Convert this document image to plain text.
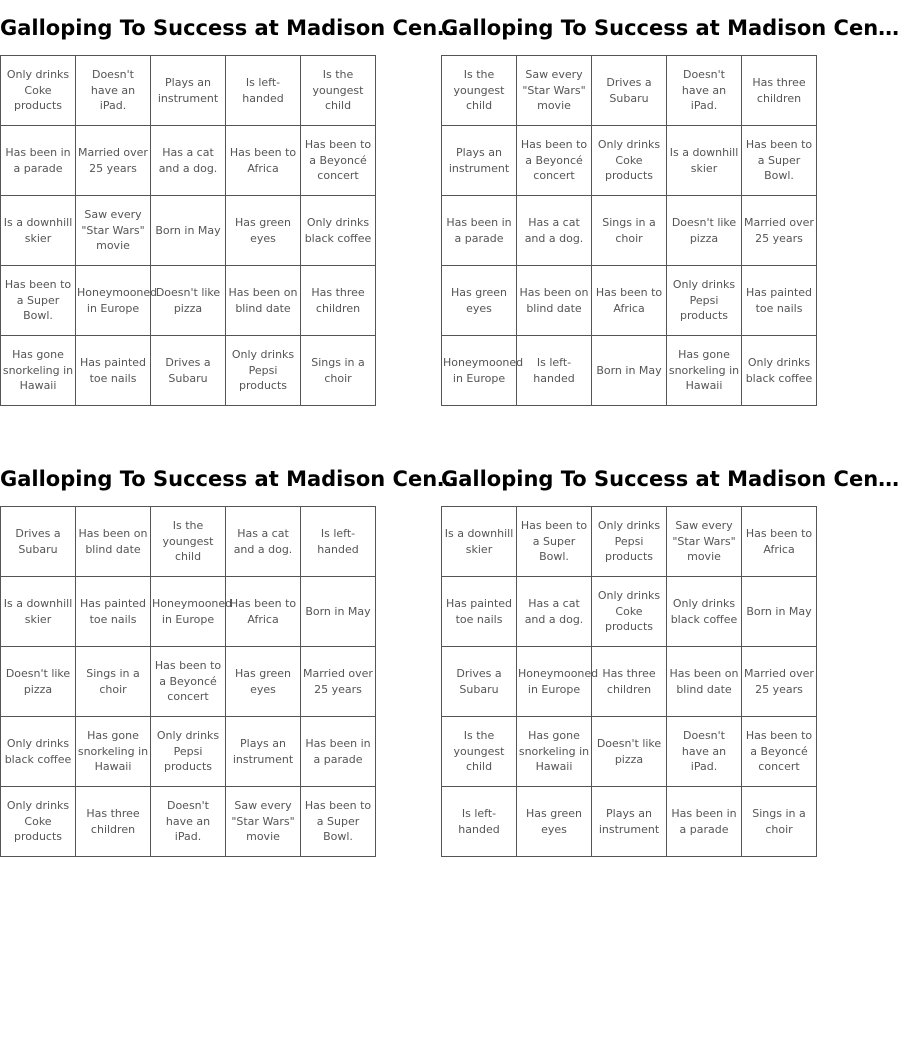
Galloping To Success at Madison Cen…
Only drinks Coke products	Doesn't have an iPad.	Plays an instrument	Is left-handed	Is the youngest child
Has been in a parade	Married over 25 years	Has a cat and a dog.	Has been to Africa	Has been to a Beyoncé concert
Is a downhill skier	Saw every "Star Wars" movie	Born in May	Has green eyes	Only drinks black coffee
Has been to a Super Bowl.	Honeymooned in Europe	Doesn't like pizza	Has been on blind date	Has three children
Has gone snorkeling in Hawaii	Has painted toe nails	Drives a Subaru	Only drinks Pepsi products	Sings in a choir
Galloping To Success at Madison Cen…
Is the youngest child	Saw every "Star Wars" movie	Drives a Subaru	Doesn't have an iPad.	Has three children
Plays an instrument	Has been to a Beyoncé concert	Only drinks Coke products	Is a downhill skier	Has been to a Super Bowl.
Has been in a parade	Has a cat and a dog.	Sings in a choir	Doesn't like pizza	Married over 25 years
Has green eyes	Has been on blind date	Has been to Africa	Only drinks Pepsi products	Has painted toe nails
Honeymooned in Europe	Is left-handed	Born in May	Has gone snorkeling in Hawaii	Only drinks black coffee
Galloping To Success at Madison Cen…
Drives a Subaru	Has been on blind date	Is the youngest child	Has a cat and a dog.	Is left-handed
Is a downhill skier	Has painted toe nails	Honeymooned in Europe	Has been to Africa	Born in May
Doesn't like pizza	Sings in a choir	Has been to a Beyoncé concert	Has green eyes	Married over 25 years
Only drinks black coffee	Has gone snorkeling in Hawaii	Only drinks Pepsi products	Plays an instrument	Has been in a parade
Only drinks Coke products	Has three children	Doesn't have an iPad.	Saw every "Star Wars" movie	Has been to a Super Bowl.
Galloping To Success at Madison Cen…
Is a downhill skier	Has been to a Super Bowl.	Only drinks Pepsi products	Saw every "Star Wars" movie	Has been to Africa
Has painted toe nails	Has a cat and a dog.	Only drinks Coke products	Only drinks black coffee	Born in May
Drives a Subaru	Honeymooned in Europe	Has three children	Has been on blind date	Married over 25 years
Is the youngest child	Has gone snorkeling in Hawaii	Doesn't like pizza	Doesn't have an iPad.	Has been to a Beyoncé concert
Is left-handed	Has green eyes	Plays an instrument	Has been in a parade	Sings in a choir
